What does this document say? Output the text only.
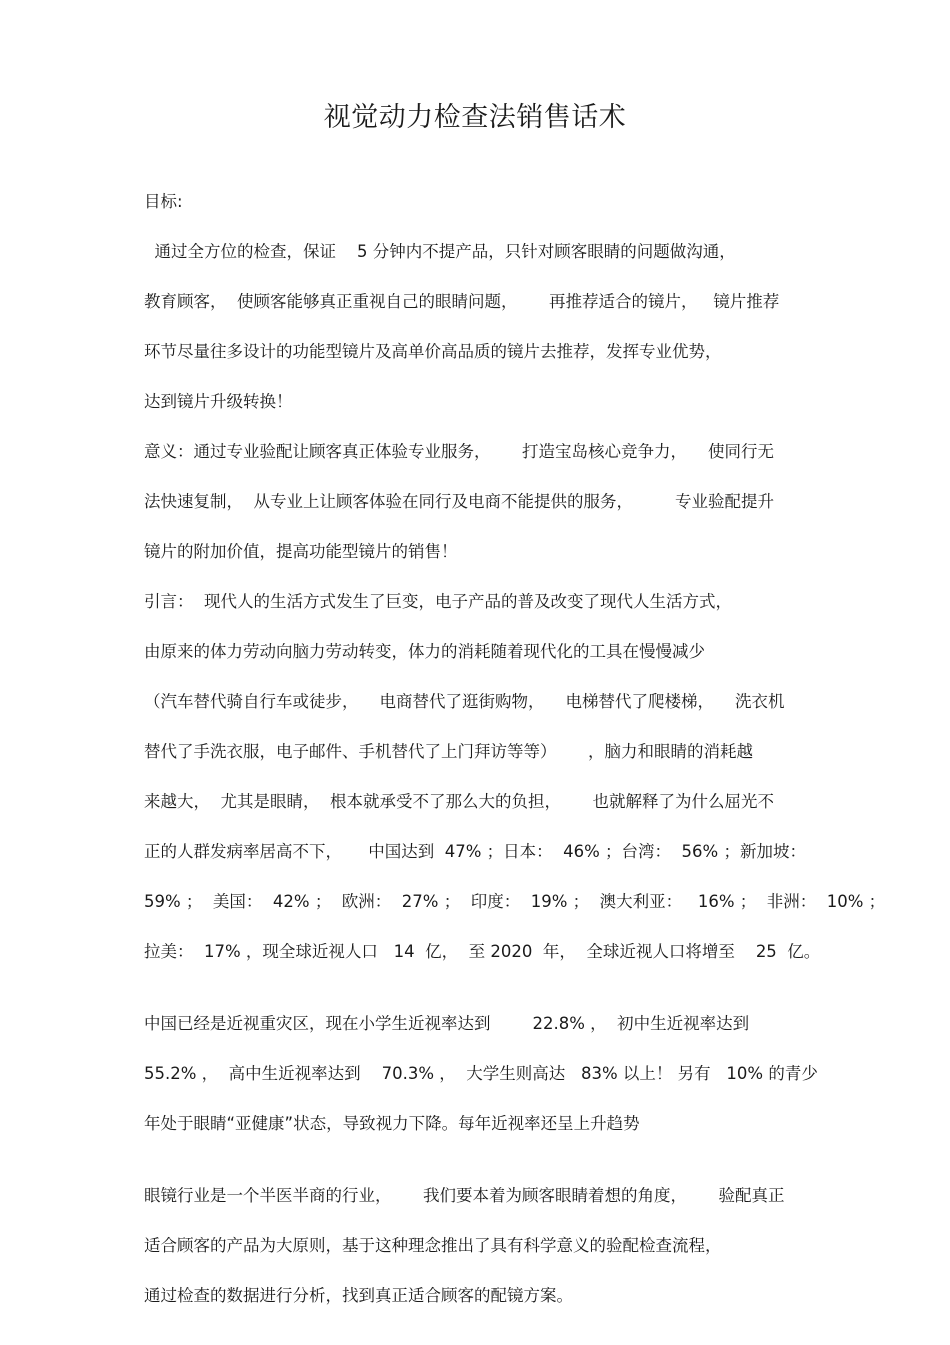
视觉动力检查法销售话术

目标:

通过全方位的检查，保证    5 分钟内不提产品，只针对顾客眼睛的问题做沟通，

教育顾客，  使顾客能够真正重视自己的眼睛问题，      再推荐适合的镜片，   镜片推荐

环节尽量往多设计的功能型镜片及高单价高品质的镜片去推荐，发挥专业优势，

达到镜片升级转换！

意义：通过专业验配让顾客真正体验专业服务，      打造宝岛核心竞争力，    使同行无

法快速复制，  从专业上让顾客体验在同行及电商不能提供的服务，        专业验配提升

镜片的附加价值，提高功能型镜片的销售！

引言：  现代人的生活方式发生了巨变，电子产品的普及改变了现代人生活方式，

由原来的体力劳动向脑力劳动转变，体力的消耗随着现代化的工具在慢慢减少

（汽车替代骑自行车或徒步，    电商替代了逛街购物，    电梯替代了爬楼梯，    洗衣机

替代了手洗衣服，电子邮件、手机替代了上门拜访等等）      ，脑力和眼睛的消耗越

来越大，  尤其是眼睛，  根本就承受不了那么大的负担，      也就解释了为什么屈光不

正的人群发病率居高不下，     中国达到  47% ；日本：  46% ；台湾：  56% ；新加坡：

59% ；  美国：  42% ；  欧洲：  27% ；  印度：  19% ；  澳大利亚：   16% ；  非洲：  10% ；

拉美：  17% ，现全球近视人口   14  亿，  至 2020  年，  全球近视人口将增至    25  亿。

中国已经是近视重灾区，现在小学生近视率达到        22.8% ，  初中生近视率达到

55.2% ，  高中生近视率达到    70.3% ，  大学生则高达   83% 以上！ 另有   10% 的青少

年处于眼睛“亚健康”状态，导致视力下降。每年近视率还呈上升趋势

眼镜行业是一个半医半商的行业，      我们要本着为顾客眼睛着想的角度，      验配真正

适合顾客的产品为大原则，基于这种理念推出了具有科学意义的验配检查流程，

通过检查的数据进行分析，找到真正适合顾客的配镜方案。
